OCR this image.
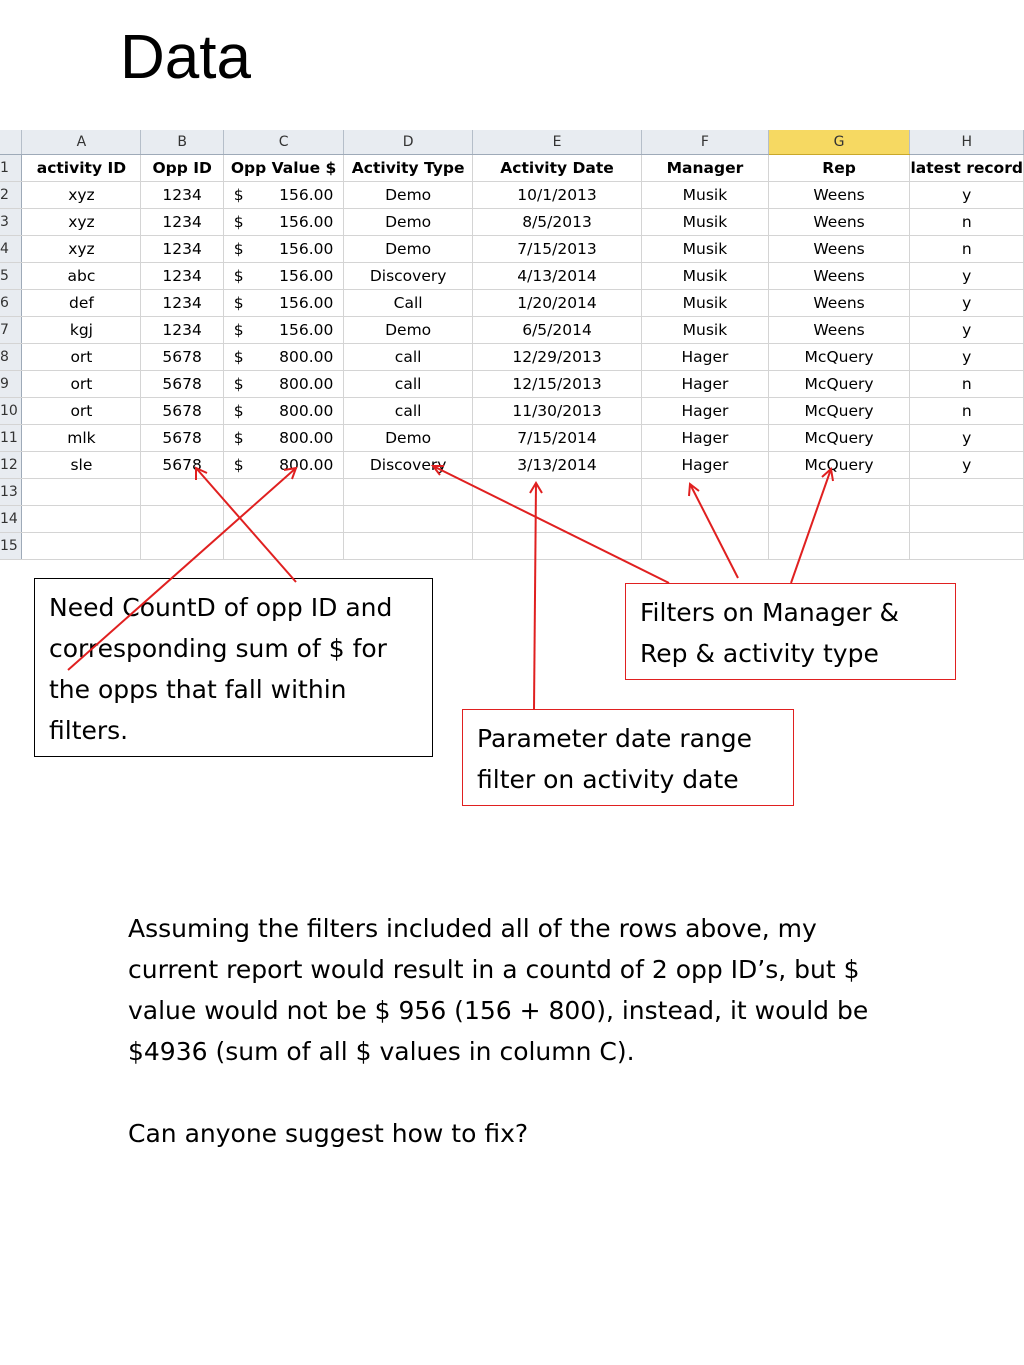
Data
	A	B	C	D	E	F	G	H
1	activity ID	Opp ID	Opp Value $	Activity Type	Activity Date	Manager	Rep	latest record
2	xyz	1234	$ 156.00	Demo	10/1/2013	Musik	Weens	y
3	xyz	1234	$ 156.00	Demo	8/5/2013	Musik	Weens	n
4	xyz	1234	$ 156.00	Demo	7/15/2013	Musik	Weens	n
5	abc	1234	$ 156.00	Discovery	4/13/2014	Musik	Weens	y
6	def	1234	$ 156.00	Call	1/20/2014	Musik	Weens	y
7	kgj	1234	$ 156.00	Demo	6/5/2014	Musik	Weens	y
8	ort	5678	$ 800.00	call	12/29/2013	Hager	McQuery	y
9	ort	5678	$ 800.00	call	12/15/2013	Hager	McQuery	n
10	ort	5678	$ 800.00	call	11/30/2013	Hager	McQuery	n
11	mlk	5678	$ 800.00	Demo	7/15/2014	Hager	McQuery	y
12	sle	5678	$ 800.00	Discovery	3/13/2014	Hager	McQuery	y
13								
14								
15								
Need CountD of opp ID and corresponding sum of $ for the opps that fall within filters.
Filters on Manager & Rep & activity type
Parameter date range filter on activity date

Assuming the filters included all of the rows above, my current report would result in a countd of 2 opp ID’s, but $ value would not be $ 956 (156 + 800), instead, it would be $4936 (sum of all $ values in column C).

Can anyone suggest how to fix?
